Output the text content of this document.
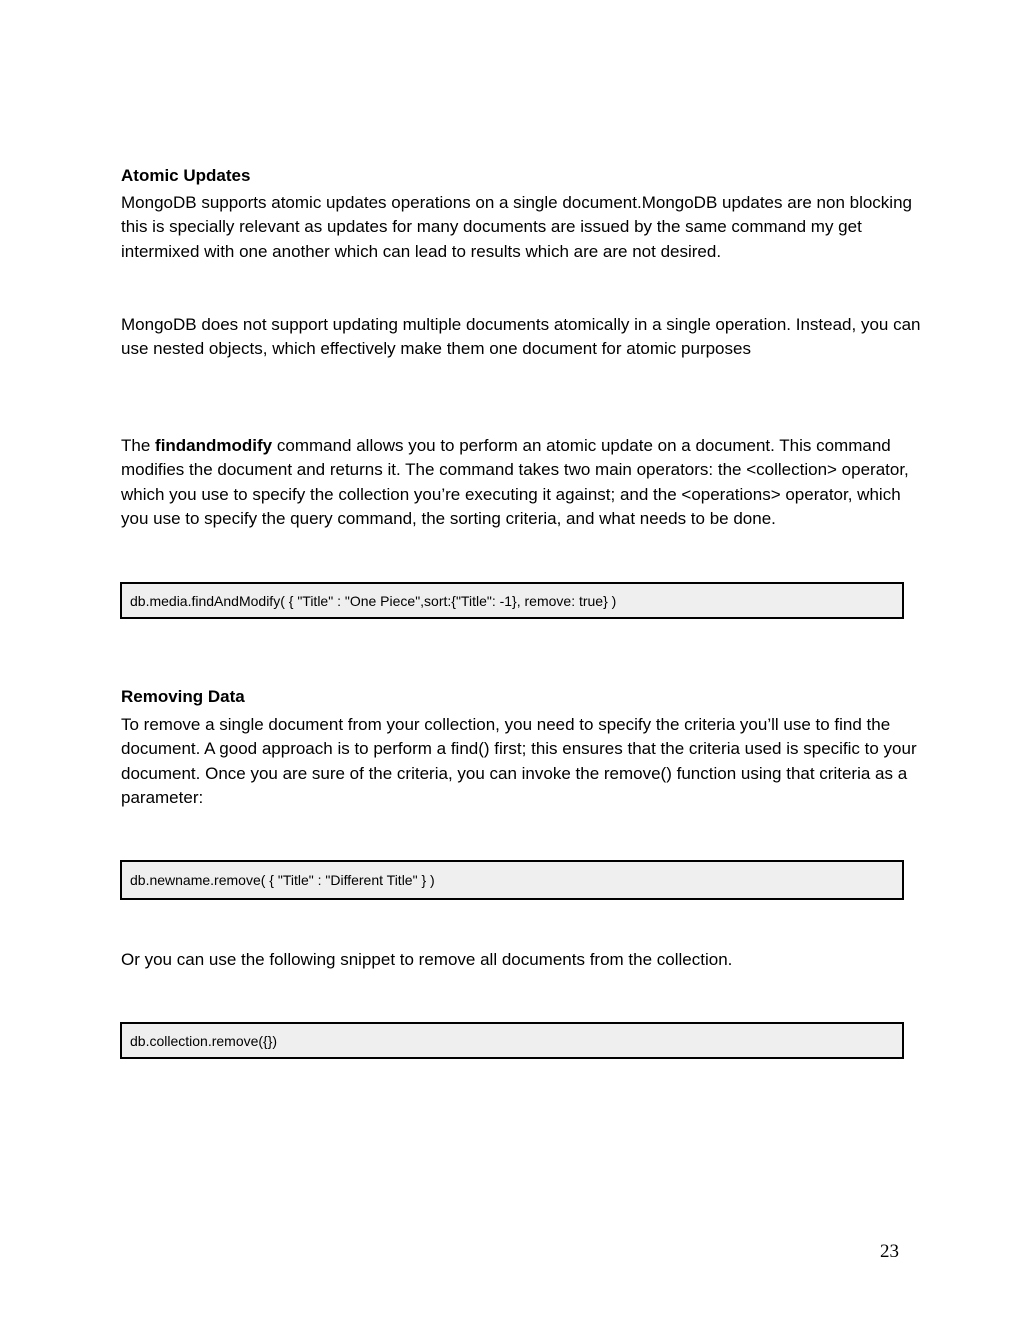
Atomic Updates
MongoDB supports atomic updates operations on a single document.MongoDB updates are non blocking this is specially relevant as updates for many documents are issued by the same command my get intermixed with one another which can lead to results which are are not desired.
MongoDB does not support updating multiple documents atomically in a single operation. Instead, you can use nested objects, which effectively make them one document for atomic purposes
The findandmodify command allows you to perform an atomic update on a document. This command modifies the document and returns it. The command takes two main operators: the <collection> operator, which you use to specify the collection you’re executing it against; and the <operations> operator, which you use to specify the query command, the sorting criteria, and what needs to be done.
db.media.findAndModify( { "Title" : "One Piece",sort:{"Title": -1}, remove: true} )
Removing Data
To remove a single document from your collection, you need to specify the criteria you’ll use to find the document. A good approach is to perform a find() first; this ensures that the criteria used is specific to your document. Once you are sure of the criteria, you can invoke the remove() function using that criteria as a parameter:
db.newname.remove( { "Title" : "Different Title" } )
Or you can use the following snippet to remove all documents from the collection.
db.collection.remove({})
23
